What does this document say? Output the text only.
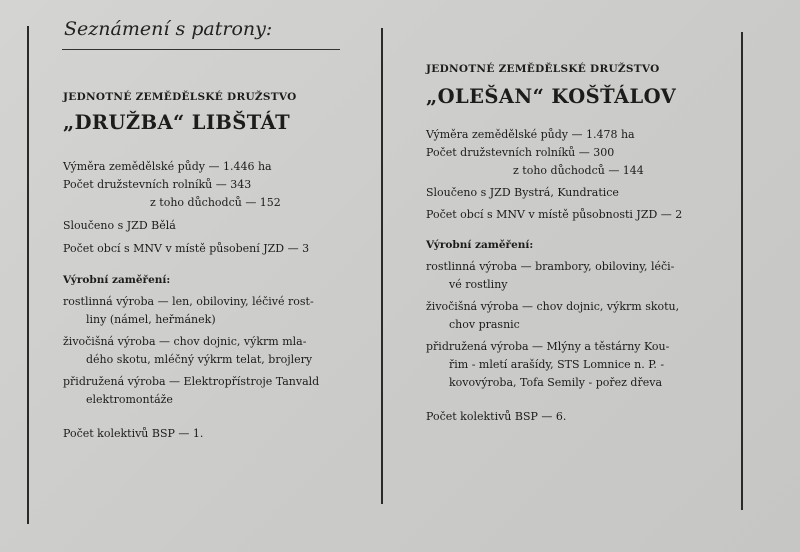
Seznámení s patrony:
JEDNOTNÉ ZEMĚDĚLSKÉ DRUŽSTVO
„DRUŽBA“ LIBŠTÁT
Výměra zemědělské půdy — 1.446 ha
Počet družstevních rolníků — 343
z toho důchodců — 152
Sloučeno s JZD Bělá
Počet obcí s MNV v místě působení JZD — 3
Výrobní zaměření:
rostlinná výroba — len, obiloviny, léčivé rost-
liny (námel, heřmánek)
živočišná výroba — chov dojnic, výkrm mla-
dého skotu, mléčný výkrm telat, brojlery
přidružená výroba — Elektropřístroje Tanvald
elektromontáže
Počet kolektivů BSP — 1.
JEDNOTNÉ ZEMĚDĚLSKÉ DRUŽSTVO
„OLEŠAN“ KOŠŤÁLOV
Výměra zemědělské půdy — 1.478 ha
Počet družstevních rolníků — 300
z toho důchodců — 144
Sloučeno s JZD Bystrá, Kundratice
Počet obcí s MNV v místě působnosti JZD — 2
Výrobní zaměření:
rostlinná výroba — brambory, obiloviny, léči-
vé rostliny
živočišná výroba — chov dojnic, výkrm skotu,
chov prasnic
přidružená výroba — Mlýny a těstárny Kou-
řim - mletí arašídy, STS Lomnice n. P. -
kovovýroba, Tofa Semily - pořez dřeva
Počet kolektivů BSP — 6.
